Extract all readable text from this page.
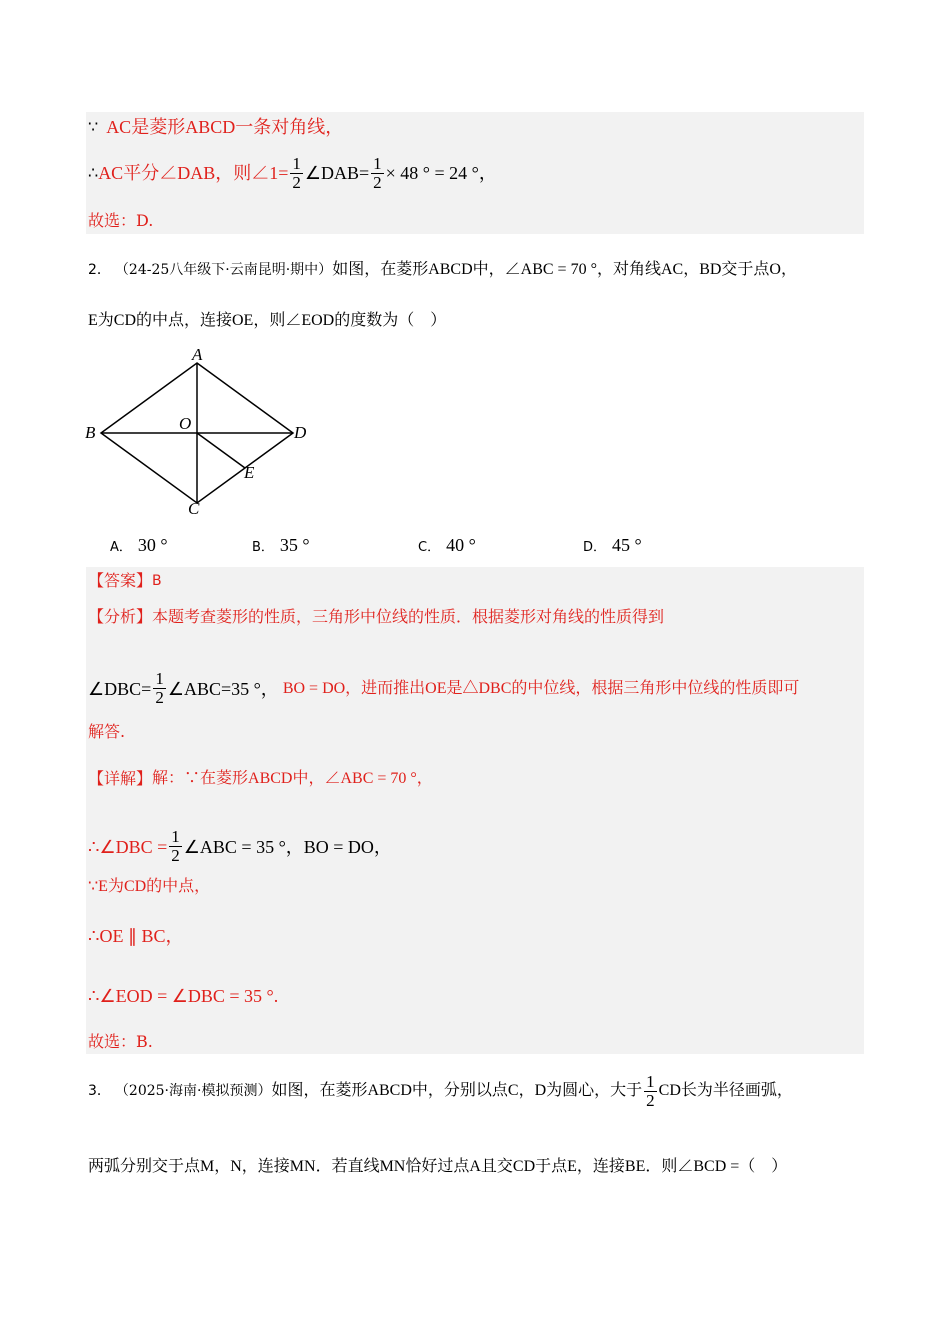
∵ AC是菱形ABCD一条对角线，
∴ AC平分∠DAB，则∠1= $\frac{1}{2}$ ∠DAB= $\frac{1}{2} \times 48$ ° = 24 °，
故选：D.
2． （24-25八年级下·云南昆明·期中） 如图，在菱形ABCD中，∠ABC = 70 °，对角线AC，BD交于点O，
E为CD的中点，连接OE，则∠EOD的度数为（　）
A
B
C
D
O
E
A． 30 °	B． 35 °	C． 40 °	D． 45 °
【答案】 B
【分析】 本题考查菱形的性质，三角形中位线的性质．根据菱形对角线的性质得到
∠DBC= $\frac{1}{2}$ ∠ABC=35 °， BO = DO，进而推出OE是△DBC的中位线，根据三角形中位线的性质即可
解答.
【详解】 解：∵在菱形ABCD中，∠ABC = 70 °，
∴∠DBC = $\frac{1}{2}$ ∠ABC = 35 °，BO = DO，
∵E为CD的中点，
∴OE ∥ BC，
∴∠EOD = ∠DBC = 35 °.
故选：B.
3． （2025·海南·模拟预测） 如图，在菱形ABCD中，分别以点C，D为圆心，大于 $\frac{1}{2}$ CD长为半径画弧，
两弧分别交于点M，N，连接MN．若直线MN恰好过点A且交CD于点E，连接BE．则∠BCD =（　）
